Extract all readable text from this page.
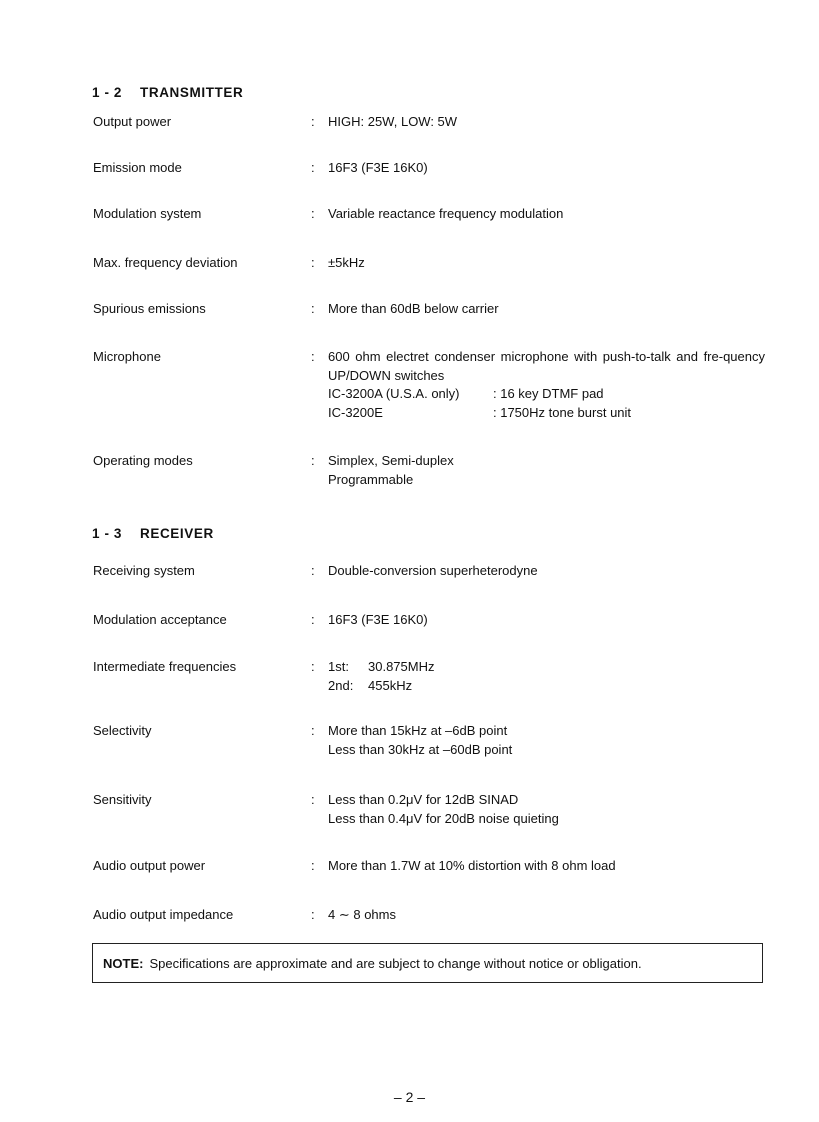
1 - 2 TRANSMITTER
Output power	: HIGH: 25W, LOW: 5W
Emission mode	: 16F3 (F3E 16K0)
Modulation system	: Variable reactance frequency modulation
Max. frequency deviation	: ±5kHz
Spurious emissions	: More than 60dB below carrier
Microphone	: 600 ohm electret condenser microphone with push-to-talk and fre-quency UP/DOWN switches
IC-3200A (U.S.A. only)	: 16 key DTMF pad
IC-3200E	: 1750Hz tone burst unit
Operating modes	: Simplex, Semi-duplex
Programmable
1 - 3 RECEIVER
Receiving system	: Double-conversion superheterodyne
Modulation acceptance	: 16F3 (F3E 16K0)
Intermediate frequencies	: 1st: 30.875MHz
2nd: 455kHz
Selectivity	: More than 15kHz at –6dB point
Less than 30kHz at –60dB point
Sensitivity	: Less than 0.2μV for 12dB SINAD
Less than 0.4μV for 20dB noise quieting
Audio output power	: More than 1.7W at 10% distortion with 8 ohm load
Audio output impedance	: 4 ∼ 8 ohms
NOTE: Specifications are approximate and are subject to change without notice or obligation.
– 2 –
